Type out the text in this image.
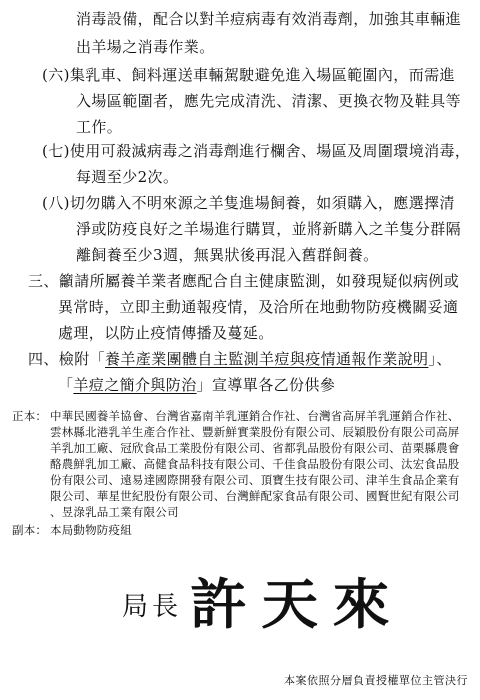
消毒設備，配合以對羊痘病毒有效消毒劑，加強其車輛進
出羊場之消毒作業。
(六)集乳車、飼料運送車輛駕駛避免進入場區範圍內，而需進
入場區範圍者，應先完成清洗、清潔、更換衣物及鞋具等
工作。
(七)使用可殺滅病毒之消毒劑進行欄舍、場區及周圍環境消毒，
每週至少2次。
(八)切勿購入不明來源之羊隻進場飼養，如須購入，應選擇清
淨或防疫良好之羊場進行購買，並將新購入之羊隻分群隔
離飼養至少3週，無異狀後再混入舊群飼養。
三、籲請所屬養羊業者應配合自主健康監測，如發現疑似病例或
異常時，立即主動通報疫情，及洽所在地動物防疫機關妥適
處理，以防止疫情傳播及蔓延。
四、檢附「養羊產業團體自主監測羊痘與疫情通報作業說明」、
「羊痘之簡介與防治」宣導單各乙份供參
正本： 中華民國養羊協會、台灣省嘉南羊乳運銷合作社、台灣省高屏羊乳運銷合作社、
雲林縣北港乳羊生產合作社、豐新鮮實業股份有限公司、辰穎股份有限公司高屏
羊乳加工廠、冠欣食品工業股份有限公司、省都乳品股份有限公司、苗栗縣農會
酪農鮮乳加工廠、高健食品科技有限公司、千佳食品股份有限公司、汰宏食品股
份有限公司、遠易達國際開發有限公司、頂寶生技有限公司、津羊生食品企業有
限公司、華星世紀股份有限公司、台灣鮮配家食品有限公司、國賢世紀有限公司
、昱淥乳品工業有限公司
副本： 本局動物防疫組
局長 許天來
本案依照分層負責授權單位主管決行
